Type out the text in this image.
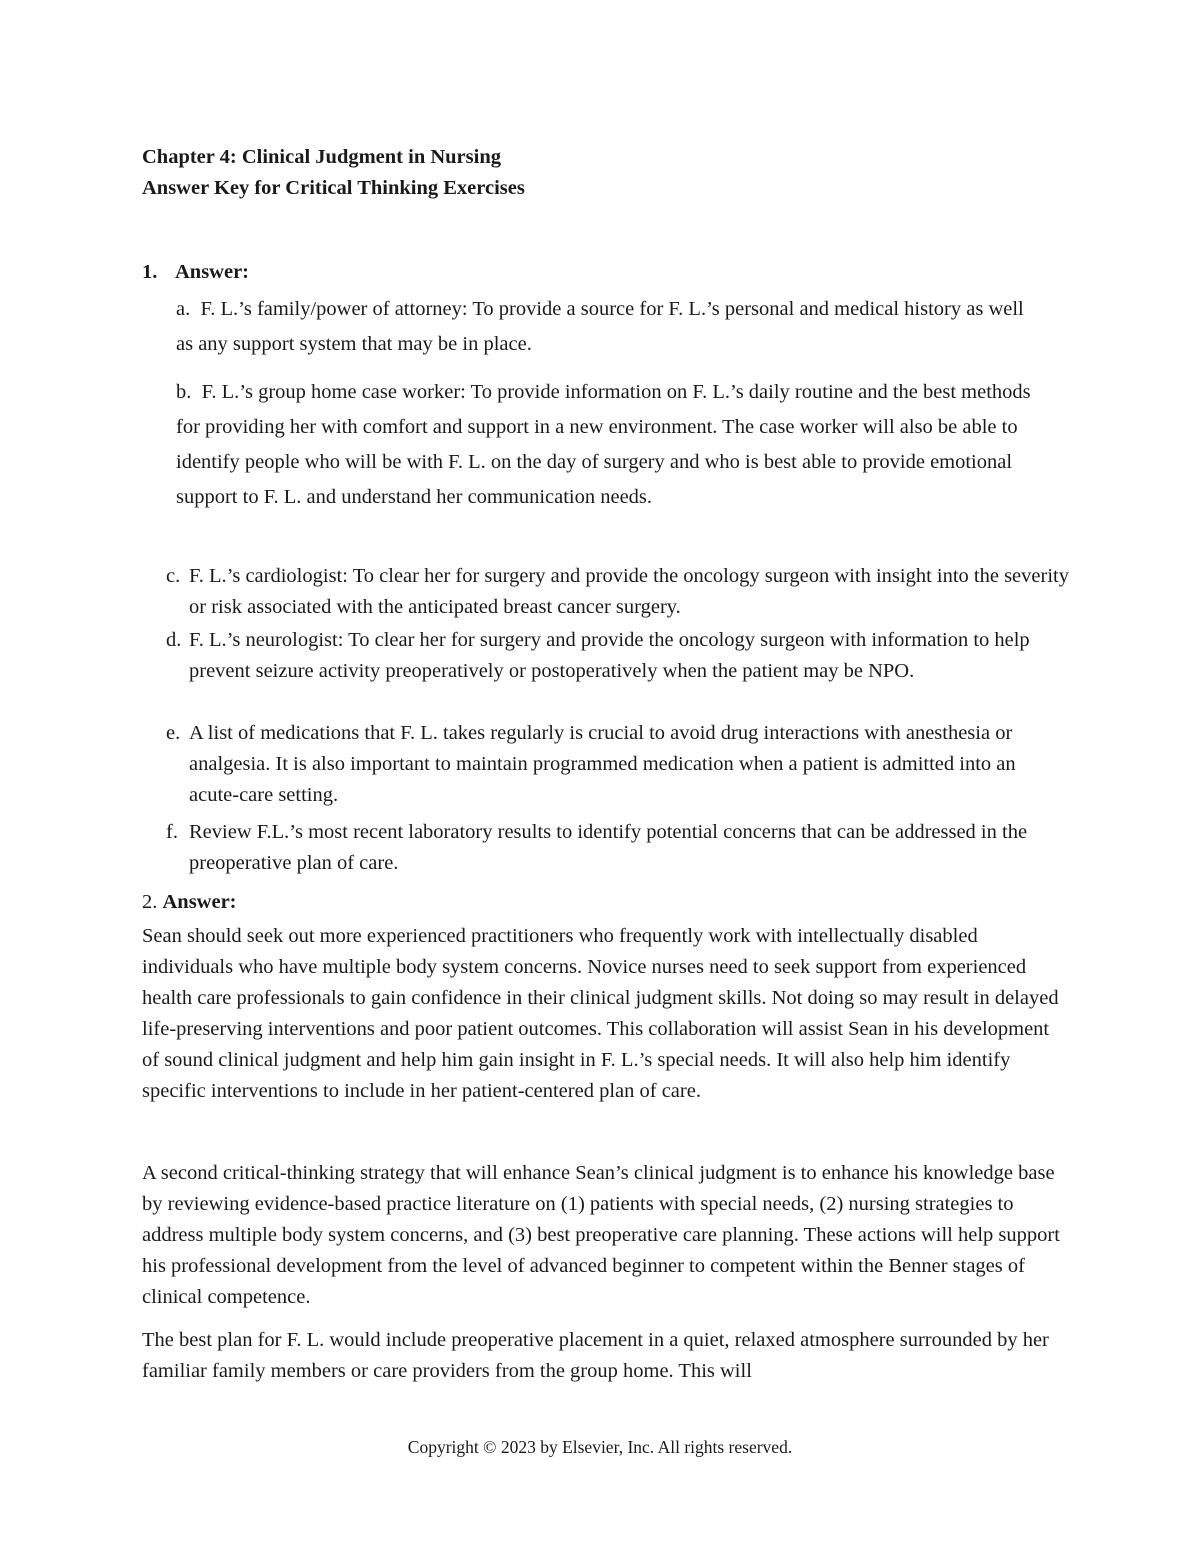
Chapter 4: Clinical Judgment in Nursing
Answer Key for Critical Thinking Exercises
1. Answer:
a. F. L.’s family/power of attorney: To provide a source for F. L.’s personal and medical history as well as any support system that may be in place.
b. F. L.’s group home case worker: To provide information on F. L.’s daily routine and the best methods for providing her with comfort and support in a new environment. The case worker will also be able to identify people who will be with F. L. on the day of surgery and who is best able to provide emotional support to F. L. and understand her communication needs.
c. F. L.’s cardiologist: To clear her for surgery and provide the oncology surgeon with insight into the severity or risk associated with the anticipated breast cancer surgery.
d. F. L.’s neurologist: To clear her for surgery and provide the oncology surgeon with information to help prevent seizure activity preoperatively or postoperatively when the patient may be NPO.
e. A list of medications that F. L. takes regularly is crucial to avoid drug interactions with anesthesia or analgesia. It is also important to maintain programmed medication when a patient is admitted into an acute-care setting.
f. Review F.L.’s most recent laboratory results to identify potential concerns that can be addressed in the preoperative plan of care.
2. Answer:

Sean should seek out more experienced practitioners who frequently work with intellectually disabled individuals who have multiple body system concerns. Novice nurses need to seek support from experienced health care professionals to gain confidence in their clinical judgment skills. Not doing so may result in delayed life-preserving interventions and poor patient outcomes. This collaboration will assist Sean in his development of sound clinical judgment and help him gain insight in F. L.’s special needs. It will also help him identify specific interventions to include in her patient-centered plan of care.

A second critical-thinking strategy that will enhance Sean’s clinical judgment is to enhance his knowledge base by reviewing evidence-based practice literature on (1) patients with special needs, (2) nursing strategies to address multiple body system concerns, and (3) best preoperative care planning. These actions will help support his professional development from the level of advanced beginner to competent within the Benner stages of clinical competence.

The best plan for F. L. would include preoperative placement in a quiet, relaxed atmosphere surrounded by her familiar family members or care providers from the group home. This will

Copyright © 2023 by Elsevier, Inc. All rights reserved.
